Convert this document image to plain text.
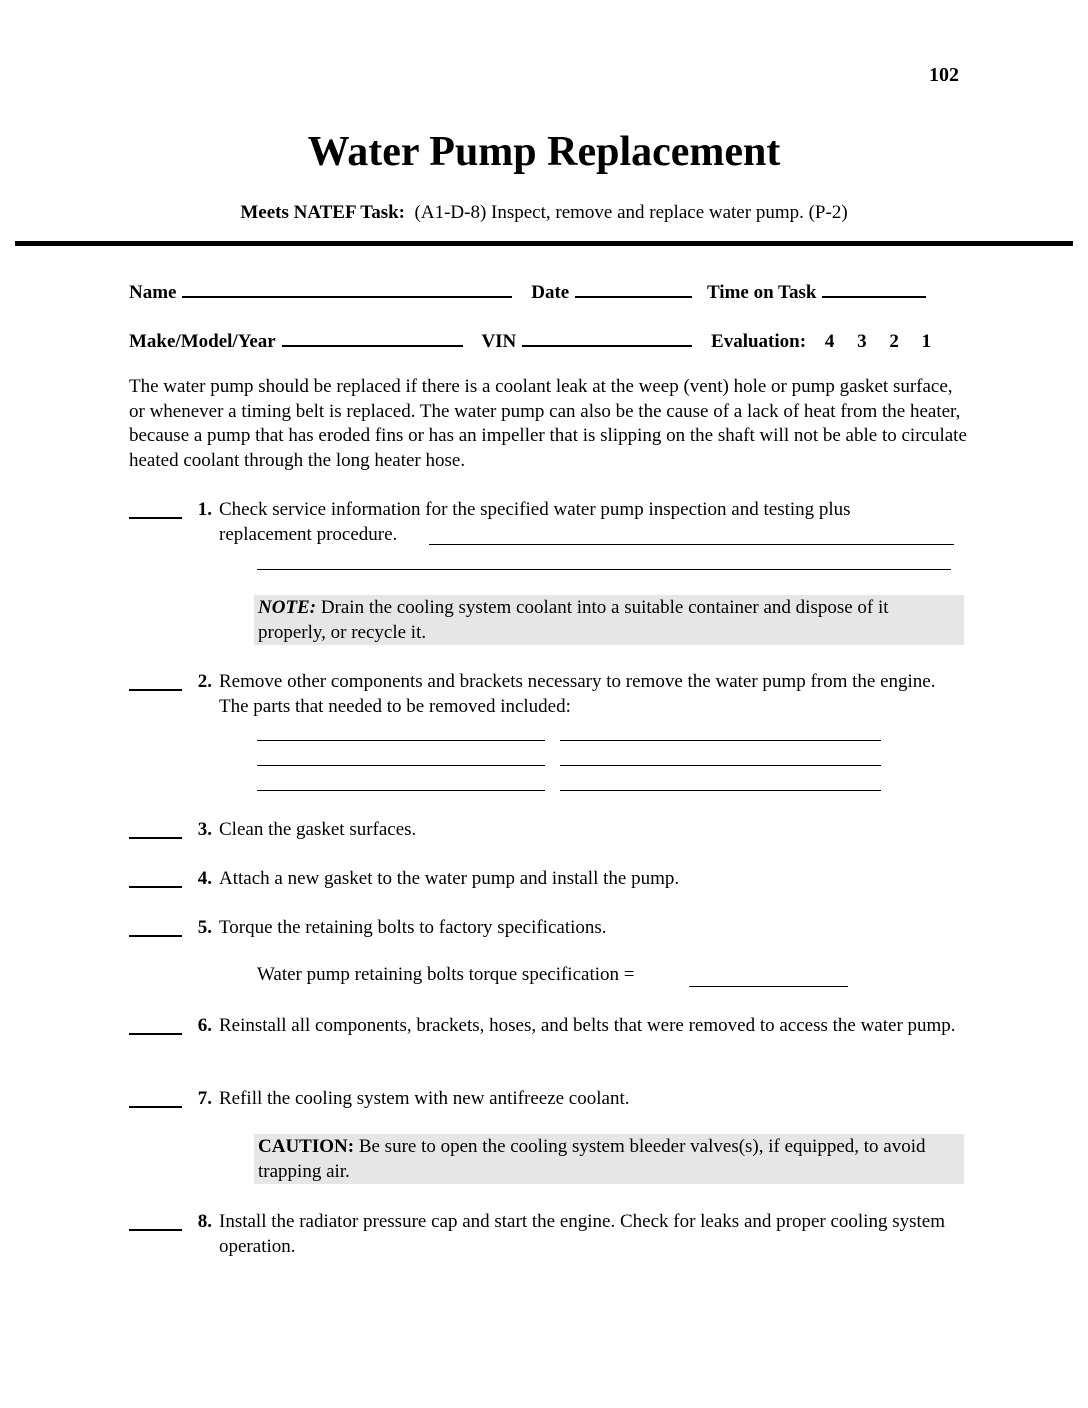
102
Water Pump Replacement
Meets NATEF Task: (A1-D-8) Inspect, remove and replace water pump. (P-2)
Name	Date	Time on Task
Make/Model/Year	VIN	Evaluation: 4 3 2 1
The water pump should be replaced if there is a coolant leak at the weep (vent) hole or pump gasket surface, or whenever a timing belt is replaced. The water pump can also be the cause of a lack of heat from the heater, because a pump that has eroded fins or has an impeller that is slipping on the shaft will not be able to circulate heated coolant through the long heater hose.
1. Check service information for the specified water pump inspection and testing plus
replacement procedure.
NOTE: Drain the cooling system coolant into a suitable container and dispose of it properly, or recycle it.
2. Remove other components and brackets necessary to remove the water pump from the engine. The parts that needed to be removed included:
3. Clean the gasket surfaces.
4. Attach a new gasket to the water pump and install the pump.
5. Torque the retaining bolts to factory specifications.
Water pump retaining bolts torque specification =
6. Reinstall all components, brackets, hoses, and belts that were removed to access the water pump.
7. Refill the cooling system with new antifreeze coolant.
CAUTION: Be sure to open the cooling system bleeder valves(s), if equipped, to avoid trapping air.
8. Install the radiator pressure cap and start the engine. Check for leaks and proper cooling system operation.
